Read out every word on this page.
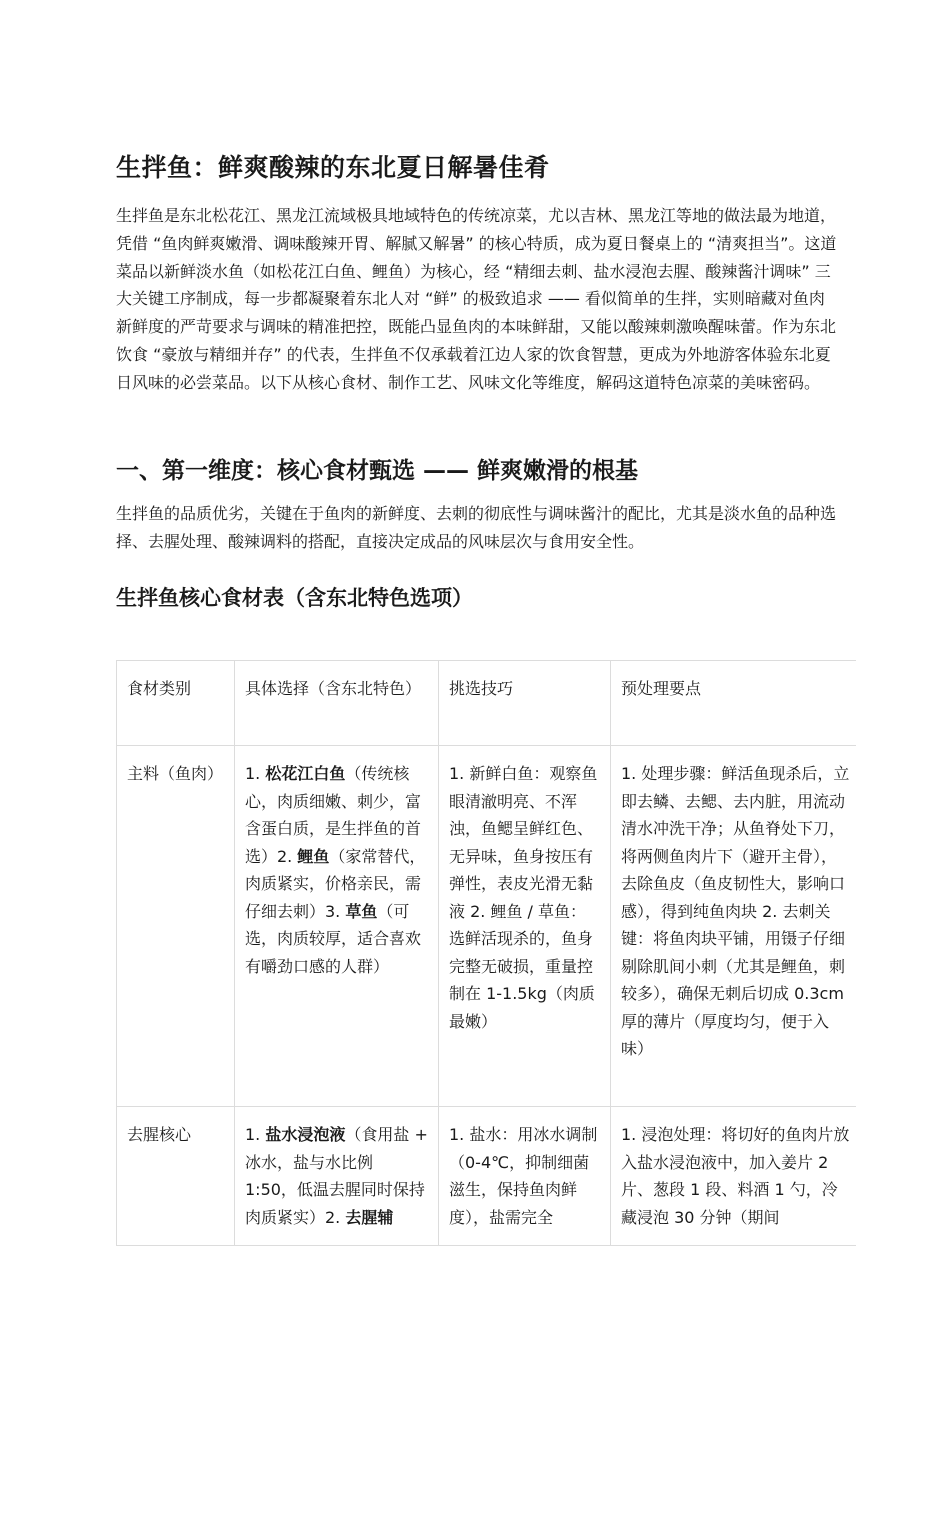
生拌鱼：鲜爽酸辣的东北夏日解暑佳肴

生拌鱼是东北松花江、黑龙江流域极具地域特色的传统凉菜，尤以吉林、黑龙江等地的做法最为地道，凭借 “鱼肉鲜爽嫩滑、调味酸辣开胃、解腻又解暑” 的核心特质，成为夏日餐桌上的 “清爽担当”。这道菜品以新鲜淡水鱼（如松花江白鱼、鲤鱼）为核心，经 “精细去刺、盐水浸泡去腥、酸辣酱汁调味” 三大关键工序制成，每一步都凝聚着东北人对 “鲜” 的极致追求 —— 看似简单的生拌，实则暗藏对鱼肉新鲜度的严苛要求与调味的精准把控，既能凸显鱼肉的本味鲜甜，又能以酸辣刺激唤醒味蕾。作为东北饮食 “豪放与精细并存” 的代表，生拌鱼不仅承载着江边人家的饮食智慧，更成为外地游客体验东北夏日风味的必尝菜品。以下从核心食材、制作工艺、风味文化等维度，解码这道特色凉菜的美味密码。

一、第一维度：核心食材甄选 —— 鲜爽嫩滑的根基

生拌鱼的品质优劣，关键在于鱼肉的新鲜度、去刺的彻底性与调味酱汁的配比，尤其是淡水鱼的品种选择、去腥处理、酸辣调料的搭配，直接决定成品的风味层次与食用安全性。

生拌鱼核心食材表（含东北特色选项）
食材类别	具体选择（含东北特色）	挑选技巧	预处理要点
主料（鱼肉）	1. 松花江白鱼（传统核心，肉质细嫩、刺少，富含蛋白质，是生拌鱼的首选）2. 鲤鱼（家常替代，肉质紧实，价格亲民，需仔细去刺）3. 草鱼（可选，肉质较厚，适合喜欢有嚼劲口感的人群）	1. 新鲜白鱼：观察鱼眼清澈明亮、不浑浊，鱼鳃呈鲜红色、无异味，鱼身按压有弹性，表皮光滑无黏液 2. 鲤鱼 / 草鱼：选鲜活现杀的，鱼身完整无破损，重量控制在 1-1.5kg（肉质最嫩）	1. 处理步骤：鲜活鱼现杀后，立即去鳞、去鳃、去内脏，用流动清水冲洗干净；从鱼脊处下刀，将两侧鱼肉片下（避开主骨），去除鱼皮（鱼皮韧性大，影响口感），得到纯鱼肉块 2. 去刺关键：将鱼肉块平铺，用镊子仔细剔除肌间小刺（尤其是鲤鱼，刺较多），确保无刺后切成 0.3cm 厚的薄片（厚度均匀，便于入味）
去腥核心	1. 盐水浸泡液（食用盐 + 冰水，盐与水比例 1:50，低温去腥同时保持肉质紧实）2. 去腥辅	1. 盐水：用冰水调制（0-4℃，抑制细菌滋生，保持鱼肉鲜度），盐需完全	1. 浸泡处理：将切好的鱼肉片放入盐水浸泡液中，加入姜片 2 片、葱段 1 段、料酒 1 勺，冷藏浸泡 30 分钟（期间
